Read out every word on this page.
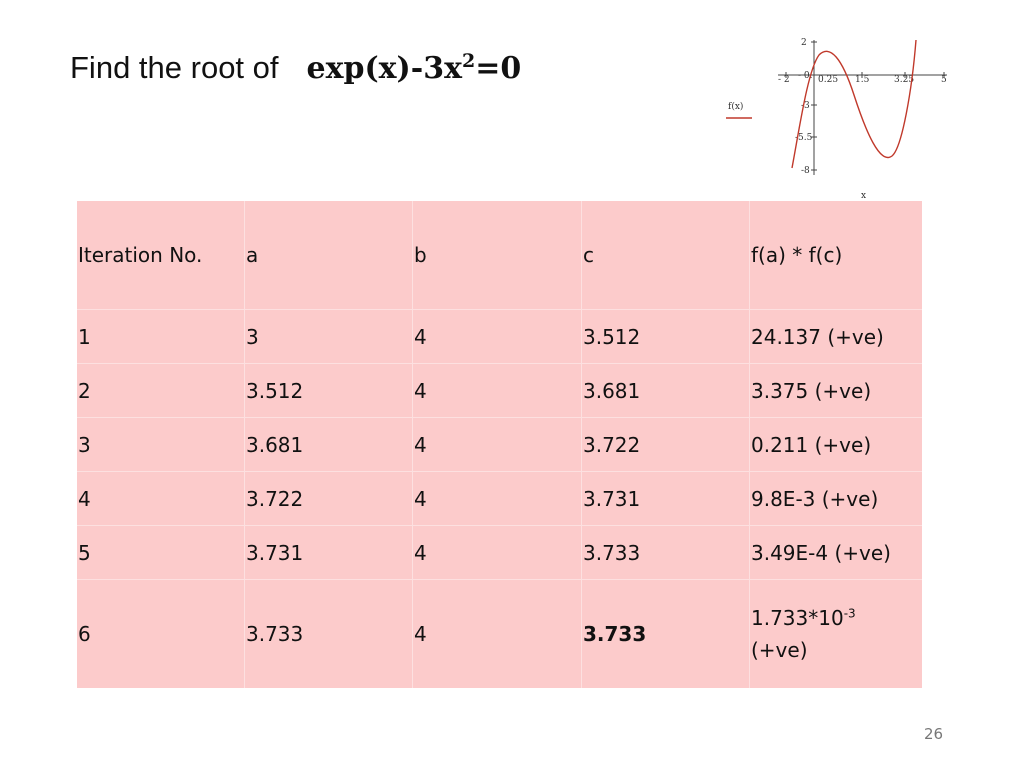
Find the root of $\exp(x)-3x^2=0$	- 2 - 0. 0.25 1.5	3.25	5
2
-3
-5.5
-8
f(x)
x
Iteration No.	a	b	c	f(a) * f(c)
1	3	4	3.512	24.137 (+ve)
2	3.512	4	3.681	3.375 (+ve)
3	3.681	4	3.722	0.211 (+ve)
4	3.722	4	3.731	9.8E-3 (+ve)
5	3.731	4	3.733	3.49E-4 (+ve)
6	3.733	4	3.733	$1.733*10^{-3}$
(+ve)
26
